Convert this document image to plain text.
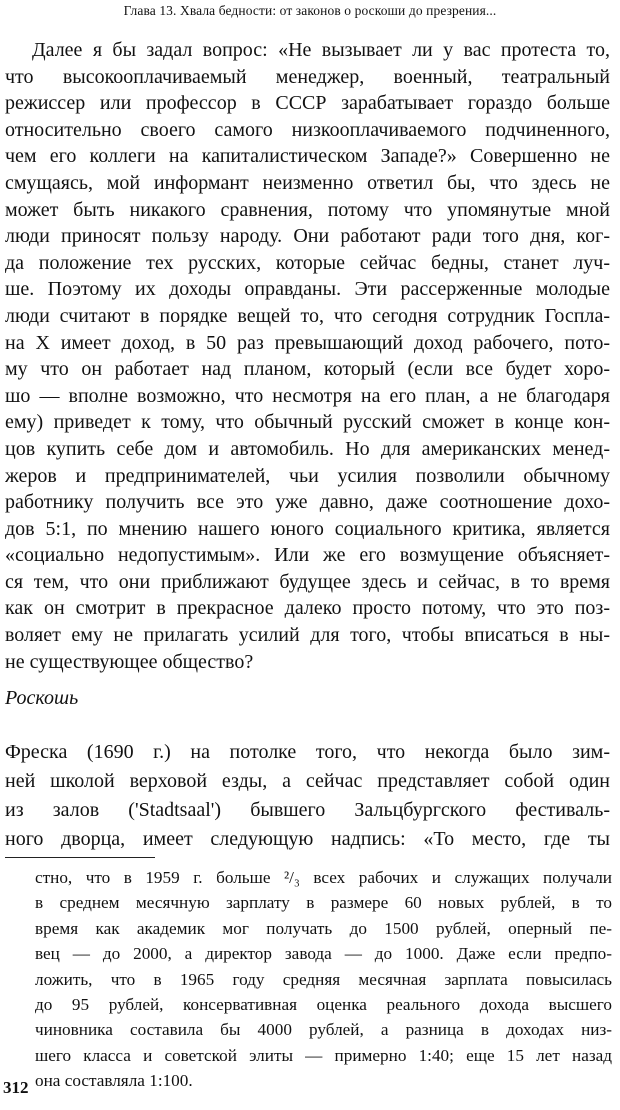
Глава 13. Хвала бедности: от законов о роскоши до презрения...
Далее я бы задал вопрос: «Не вызывает ли у вас протеста то,
что высокооплачиваемый менеджер, военный, театральный
режиссер или профессор в СССР зарабатывает гораздо больше
относительно своего самого низкооплачиваемого подчиненного,
чем его коллеги на капиталистическом Западе?» Совершенно не
смущаясь, мой информант неизменно ответил бы, что здесь не
может быть никакого сравнения, потому что упомянутые мной
люди приносят пользу народу. Они работают ради того дня, ког-
да положение тех русских, которые сейчас бедны, станет луч-
ше. Поэтому их доходы оправданы. Эти рассерженные молодые
люди считают в порядке вещей то, что сегодня сотрудник Госпла-
на Х имеет доход, в 50 раз превышающий доход рабочего, пото-
му что он работает над планом, который (если все будет хоро-
шо — вполне возможно, что несмотря на его план, а не благодаря
ему) приведет к тому, что обычный русский сможет в конце кон-
цов купить себе дом и автомобиль. Но для американских менед-
жеров и предпринимателей, чьи усилия позволили обычному
работнику получить все это уже давно, даже соотношение дохо-
дов 5:1, по мнению нашего юного социального критика, является
«социально недопустимым». Или же его возмущение объясняет-
ся тем, что они приближают будущее здесь и сейчас, в то время
как он смотрит в прекрасное далеко просто потому, что это поз-
воляет ему не прилагать усилий для того, чтобы вписаться в ны-
не существующее общество?
Роскошь
Фреска (1690 г.) на потолке того, что некогда было зим-
ней школой верховой езды, а сейчас представляет собой один
из залов ('Stadtsaal') бывшего Зальцбургского фестиваль-
ного дворца, имеет следующую надпись: «То место, где ты
стно, что в 1959 г. больше ²/₃ всех рабочих и служащих получали
в среднем месячную зарплату в размере 60 новых рублей, в то
время как академик мог получать до 1500 рублей, оперный пе-
вец — до 2000, а директор завода — до 1000. Даже если предпо-
ложить, что в 1965 году средняя месячная зарплата повысилась
до 95 рублей, консервативная оценка реального дохода высшего
чиновника составила бы 4000 рублей, а разница в доходах низ-
шего класса и советской элиты — примерно 1:40; еще 15 лет назад
она составляла 1:100.
312
